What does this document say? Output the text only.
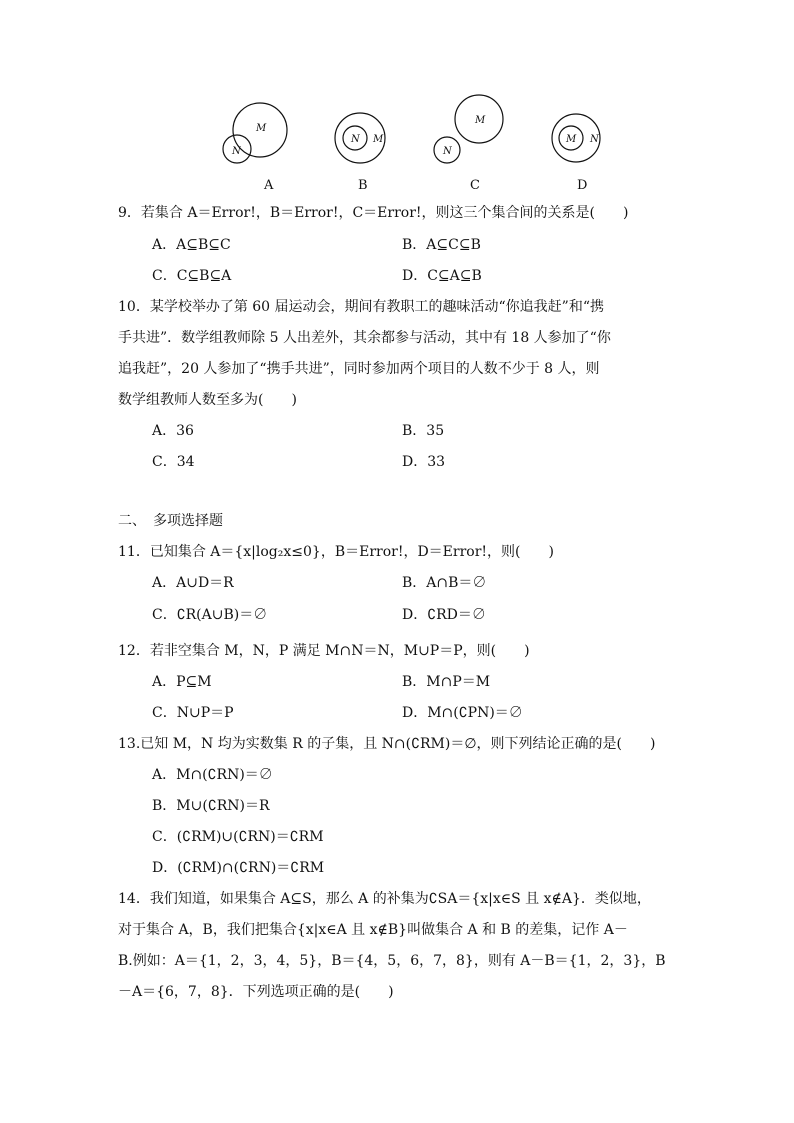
M
N
N M
M
N
M N
A	B	C	D
9．若集合 A＝Error!，B＝Error!，C＝Error!，则这三个集合间的关系是(　　)
A．A⊆B⊆C	B．A⊆C⊆B
C．C⊆B⊆A	D．C⊆A⊆B
10．某学校举办了第 60 届运动会，期间有教职工的趣味活动“你追我赶”和“携
手共进”．数学组教师除 5 人出差外，其余都参与活动，其中有 18 人参加了“你
追我赶”，20 人参加了“携手共进”，同时参加两个项目的人数不少于 8 人，则
数学组教师人数至多为(　　)
A．36	B．35
C．34	D．33
二、　多项选择题
11．已知集合 A＝{x|log₂x≤0}，B＝Error!，D＝Error!，则(　　)
A．A∪D＝R	B．A∩B＝∅
C．∁R(A∪B)＝∅	D．∁RD＝∅
12．若非空集合 M，N，P 满足 M∩N＝N，M∪P＝P，则(　　)
A．P⊆M	B．M∩P＝M
C．N∪P＝P	D．M∩(∁PN)＝∅
13.已知 M，N 均为实数集 R 的子集，且 N∩(∁RM)＝∅，则下列结论正确的是(　　)
A．M∩(∁RN)＝∅
B．M∪(∁RN)＝R
C．(∁RM)∪(∁RN)＝∁RM
D．(∁RM)∩(∁RN)＝∁RM
14．我们知道，如果集合 A⊆S，那么 A 的补集为∁SA＝{x|x∈S 且 x∉A}．类似地，
对于集合 A，B，我们把集合{x|x∈A 且 x∉B}叫做集合 A 和 B 的差集，记作 A－
B.例如：A＝{1，2，3，4，5}，B＝{4，5，6，7，8}，则有 A－B＝{1，2，3}，B
－A＝{6，7，8}．下列选项正确的是(　　)
